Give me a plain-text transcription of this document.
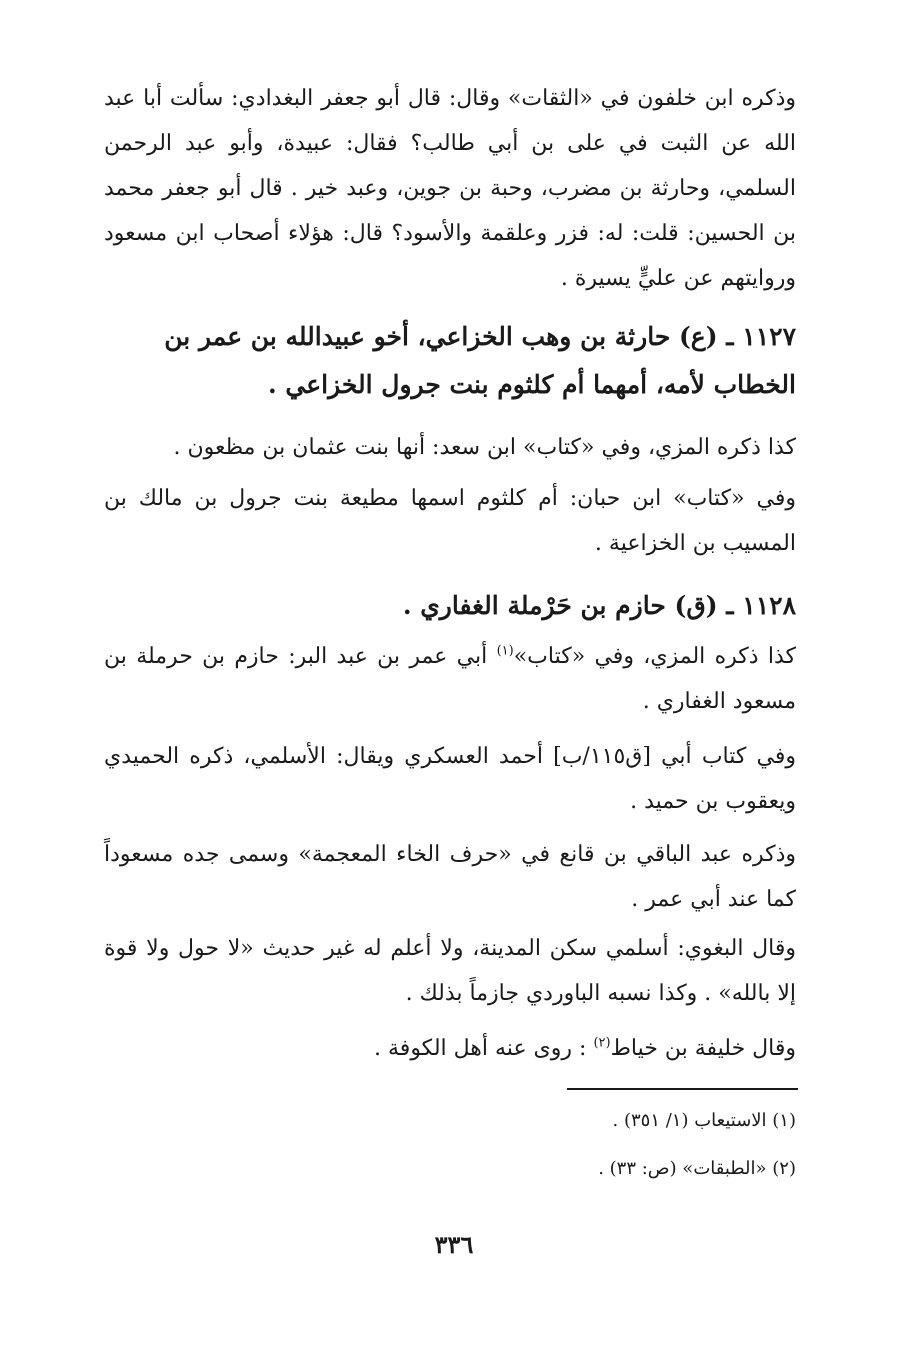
وذكره ابن خلفون في «الثقات» وقال: قال أبو جعفر البغدادي: سألت أبا عبد الله عن الثبت في على بن أبي طالب؟ فقال: عبيدة، وأبو عبد الرحمن السلمي، وحارثة بن مضرب، وحبة بن جوين، وعبد خير . قال أبو جعفر محمد بن الحسين: قلت: له: فزر وعلقمة والأسود؟ قال: هؤلاء أصحاب ابن مسعود وروايتهم عن عليٍّ يسيرة .

١١٢٧ ـ (ع) حارثة بن وهب الخزاعي، أخو عبيدالله بن عمر بن الخطاب لأمه، أمهما أم كلثوم بنت جرول الخزاعي .

كذا ذكره المزي، وفي «كتاب» ابن سعد: أنها بنت عثمان بن مظعون .

وفي «كتاب» ابن حبان: أم كلثوم اسمها مطيعة بنت جرول بن مالك بن المسيب بن الخزاعية .

١١٢٨ ـ (ق) حازم بن حَرْملة الغفاري .

كذا ذكره المزي، وفي «كتاب»$^{(١)}$ أبي عمر بن عبد البر: حازم بن حرملة بن مسعود الغفاري .

وفي كتاب أبي [ق١١٥/ب] أحمد العسكري ويقال: الأسلمي، ذكره الحميدي ويعقوب بن حميد .

وذكره عبد الباقي بن قانع في «حرف الخاء المعجمة» وسمى جده مسعوداً كما عند أبي عمر .

وقال البغوي: أسلمي سكن المدينة، ولا أعلم له غير حديث «لا حول ولا قوة إلا بالله» . وكذا نسبه الباوردي جازماً بذلك .

وقال خليفة بن خياط$^{(٢)}$ : روى عنه أهل الكوفة .

(١) الاستيعاب (١/ ٣٥١) .

(٢) «الطبقات» (ص: ٣٣) .

٣٣٦
